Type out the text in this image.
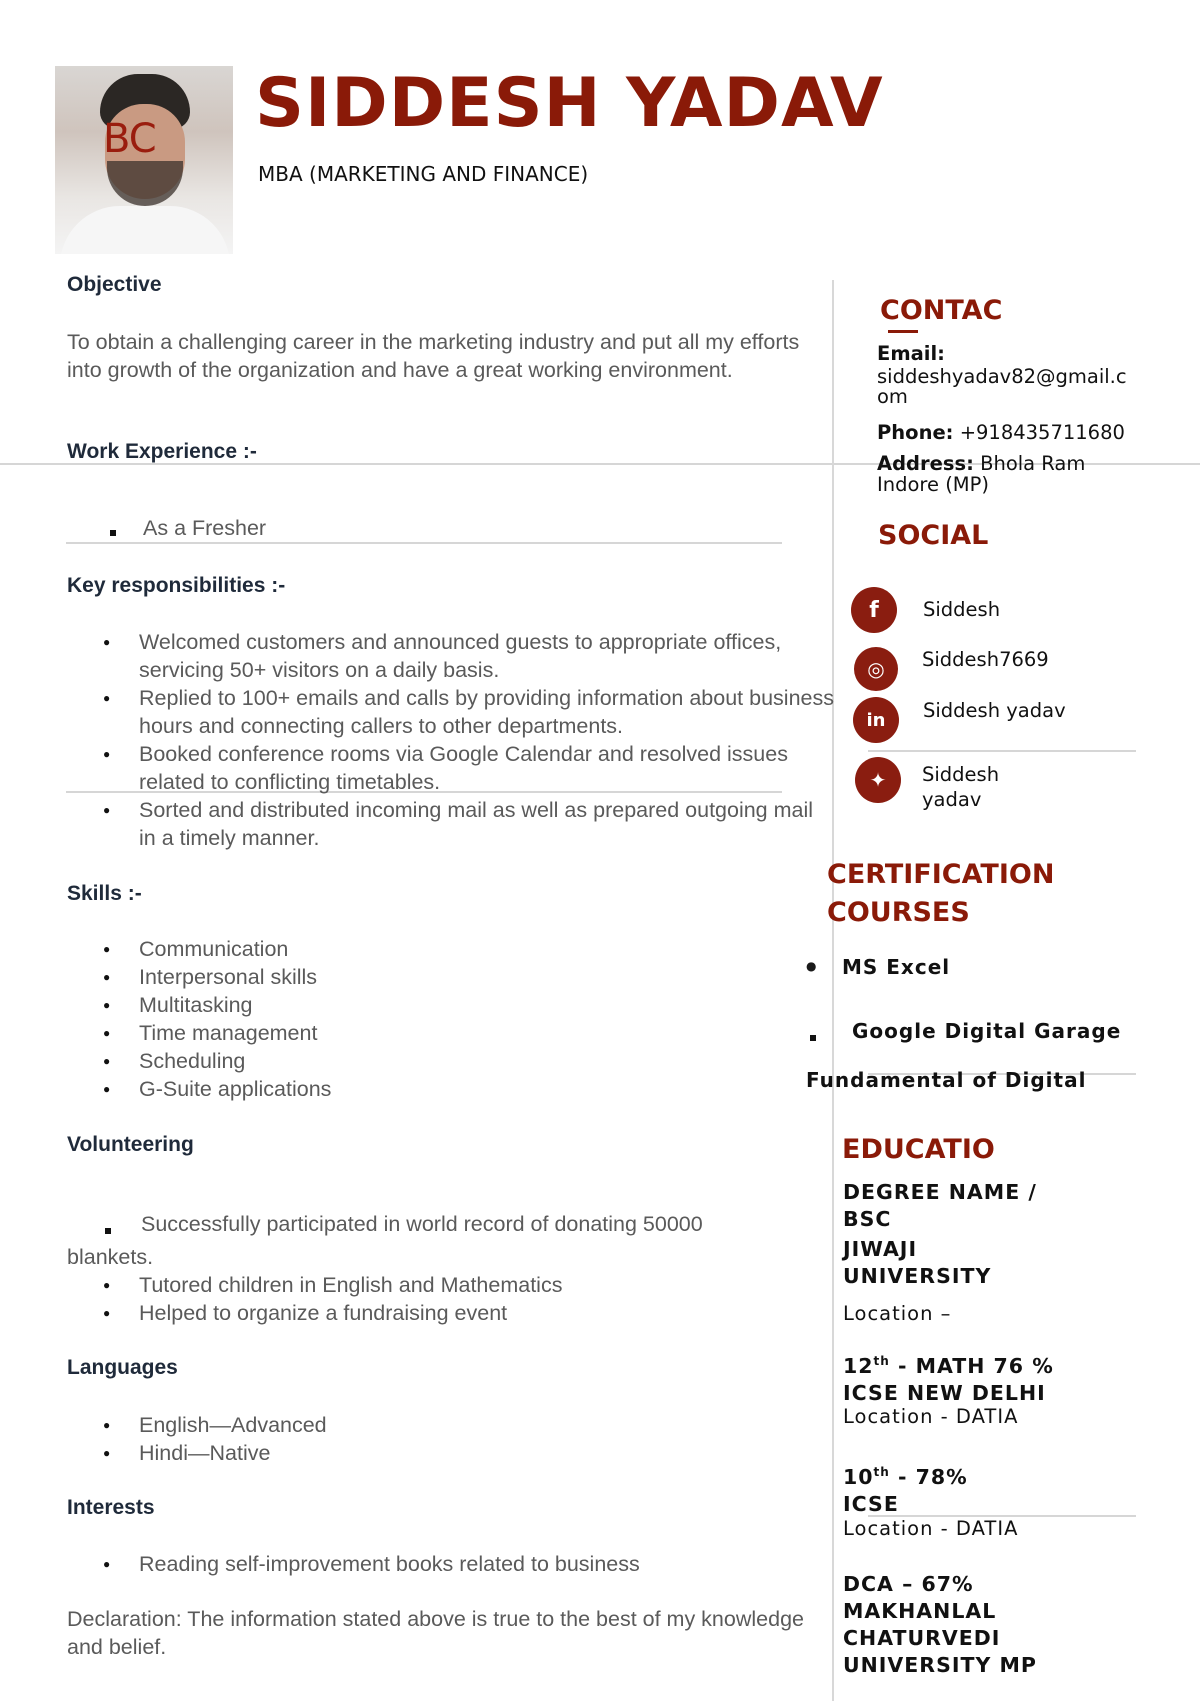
BC SIDDESH YADAV
MBA (MARKETING AND FINANCE)
Objective
To obtain a challenging career in the marketing industry and put all my efforts into growth of the organization and have a great working environment.
Work Experience :-
As a Fresher
Key responsibilities :-
● Welcomed customers and announced guests to appropriate offices, servicing 50+ visitors on a daily basis.
● Replied to 100+ emails and calls by providing information about business hours and connecting callers to other departments.
● Booked conference rooms via Google Calendar and resolved issues related to conflicting timetables.
● Sorted and distributed incoming mail as well as prepared outgoing mail in a timely manner.
Skills :-
● Communication
● Interpersonal skills
● Multitasking
● Time management
● Scheduling
● G-Suite applications
Volunteering
Successfully participated in world record of donating 50000
blankets.
● Tutored children in English and Mathematics
● Helped to organize a fundraising event
Languages
● English—Advanced
● Hindi—Native
Interests
● Reading self-improvement books related to business
Declaration: The information stated above is true to the best of my knowledge and belief.
CONTAC
Email:
siddeshyadav82@gmail.c
om
Phone: +918435711680
Address: Bhola Ram
Indore (MP)
SOCIAL
f	Siddesh
◎	Siddesh7669
in	Siddesh yadav
✦	Siddesh
yadav
CERTIFICATION
COURSES
● MS Excel
Google Digital Garage
Fundamental of Digital
EDUCATIO
DEGREE NAME /
BSC
JIWAJI
UNIVERSITY
Location –
12th - MATH 76 %
ICSE NEW DELHI
Location - DATIA
10th - 78%
ICSE
Location - DATIA
DCA – 67%
MAKHANLAL
CHATURVEDI
UNIVERSITY MP
